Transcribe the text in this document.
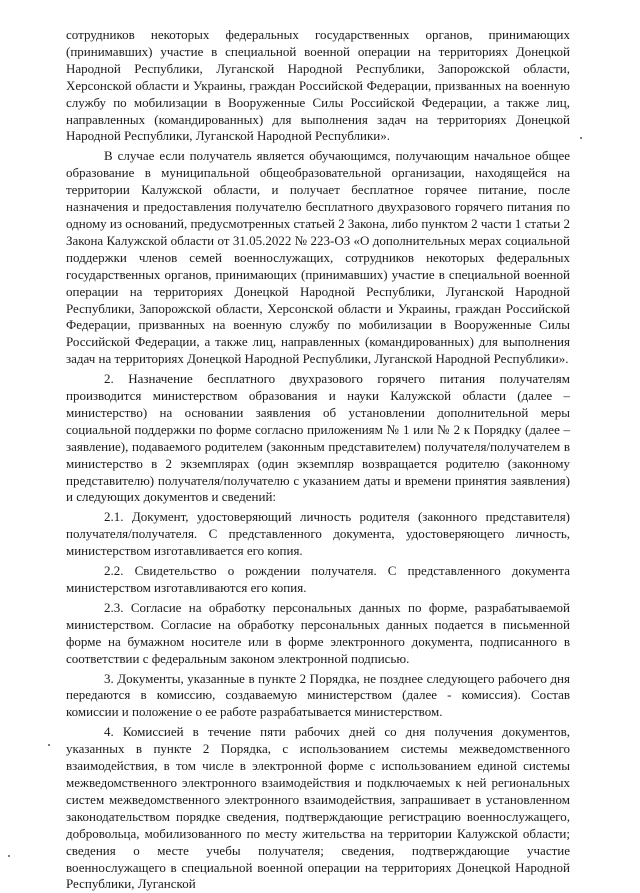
сотрудников некоторых федеральных государственных органов, принимающих (принимавших) участие в специальной военной операции на территориях Донецкой Народной Республики, Луганской Народной Республики, Запорожской области, Херсонской области и Украины, граждан Российской Федерации, призванных на военную службу по мобилизации в Вооруженные Силы Российской Федерации, а также лиц, направленных (командированных) для выполнения задач на территориях Донецкой Народной Республики, Луганской Народной Республики».

В случае если получатель является обучающимся, получающим начальное общее образование в муниципальной общеобразовательной организации, находящейся на территории Калужской области, и получает бесплатное горячее питание, после назначения и предоставления получателю бесплатного двухразового горячего питания по одному из оснований, предусмотренных статьей 2 Закона, либо пунктом 2 части 1 статьи 2 Закона Калужской области от 31.05.2022 № 223-ОЗ «О дополнительных мерах социальной поддержки членов семей военнослужащих, сотрудников некоторых федеральных государственных органов, принимающих (принимавших) участие в специальной военной операции на территориях Донецкой Народной Республики, Луганской Народной Республики, Запорожской области, Херсонской области и Украины, граждан Российской Федерации, призванных на военную службу по мобилизации в Вооруженные Силы Российской Федерации, а также лиц, направленных (командированных) для выполнения задач на территориях Донецкой Народной Республики, Луганской Народной Республики».

2. Назначение бесплатного двухразового горячего питания получателям производится министерством образования и науки Калужской области (далее – министерство) на основании заявления об установлении дополнительной меры социальной поддержки по форме согласно приложениям № 1 или № 2 к Порядку (далее – заявление), подаваемого родителем (законным представителем) получателя/получателем в министерство в 2 экземплярах (один экземпляр возвращается родителю (законному представителю) получателя/получателю с указанием даты и времени принятия заявления) и следующих документов и сведений:

2.1. Документ, удостоверяющий личность родителя (законного представителя) получателя/получателя. С представленного документа, удостоверяющего личность, министерством изготавливается его копия.

2.2. Свидетельство о рождении получателя. С представленного документа министерством изготавливаются его копия.

2.3. Согласие на обработку персональных данных по форме, разрабатываемой министерством. Согласие на обработку персональных данных подается в письменной форме на бумажном носителе или в форме электронного документа, подписанного в соответствии с федеральным законом электронной подписью.

3. Документы, указанные в пункте 2 Порядка, не позднее следующего рабочего дня передаются в комиссию, создаваемую министерством (далее - комиссия). Состав комиссии и положение о ее работе разрабатывается министерством.

4. Комиссией в течение пяти рабочих дней со дня получения документов, указанных в пункте 2 Порядка, с использованием системы межведомственного взаимодействия, в том числе в электронной форме с использованием единой системы межведомственного электронного взаимодействия и подключаемых к ней региональных систем межведомственного электронного взаимодействия, запрашивает в установленном законодательством порядке сведения, подтверждающие регистрацию военнослужащего, добровольца, мобилизованного по месту жительства на территории Калужской области; сведения о месте учебы получателя; сведения, подтверждающие участие военнослужащего в специальной военной операции на территориях Донецкой Народной Республики, Луганской
